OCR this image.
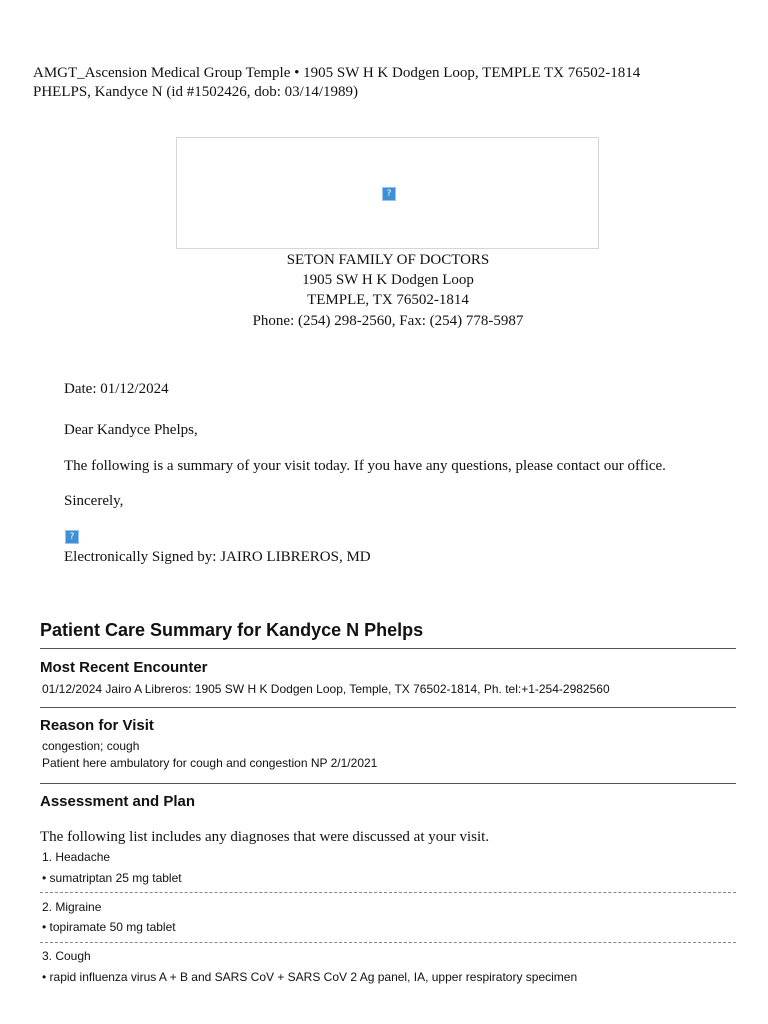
AMGT_Ascension Medical Group Temple • 1905 SW H K Dodgen Loop, TEMPLE TX 76502-1814
PHELPS, Kandyce N (id #1502426, dob: 03/14/1989)
?
SETON FAMILY OF DOCTORS
1905 SW H K Dodgen Loop
TEMPLE, TX 76502-1814
Phone: (254) 298-2560, Fax: (254) 778-5987
Date: 01/12/2024
Dear Kandyce Phelps,
The following is a summary of your visit today. If you have any questions, please contact our office.
Sincerely,
?
Electronically Signed by: JAIRO LIBREROS, MD
Patient Care Summary for Kandyce N Phelps
Most Recent Encounter
01/12/2024 Jairo A Libreros: 1905 SW H K Dodgen Loop, Temple, TX 76502-1814, Ph. tel:+1-254-2982560
Reason for Visit
congestion; cough
Patient here ambulatory for cough and congestion NP 2/1/2021
Assessment and Plan
The following list includes any diagnoses that were discussed at your visit.
1. Headache
• sumatriptan 25 mg tablet
2. Migraine
• topiramate 50 mg tablet
3. Cough
• rapid influenza virus A + B and SARS CoV + SARS CoV 2 Ag panel, IA, upper respiratory specimen
